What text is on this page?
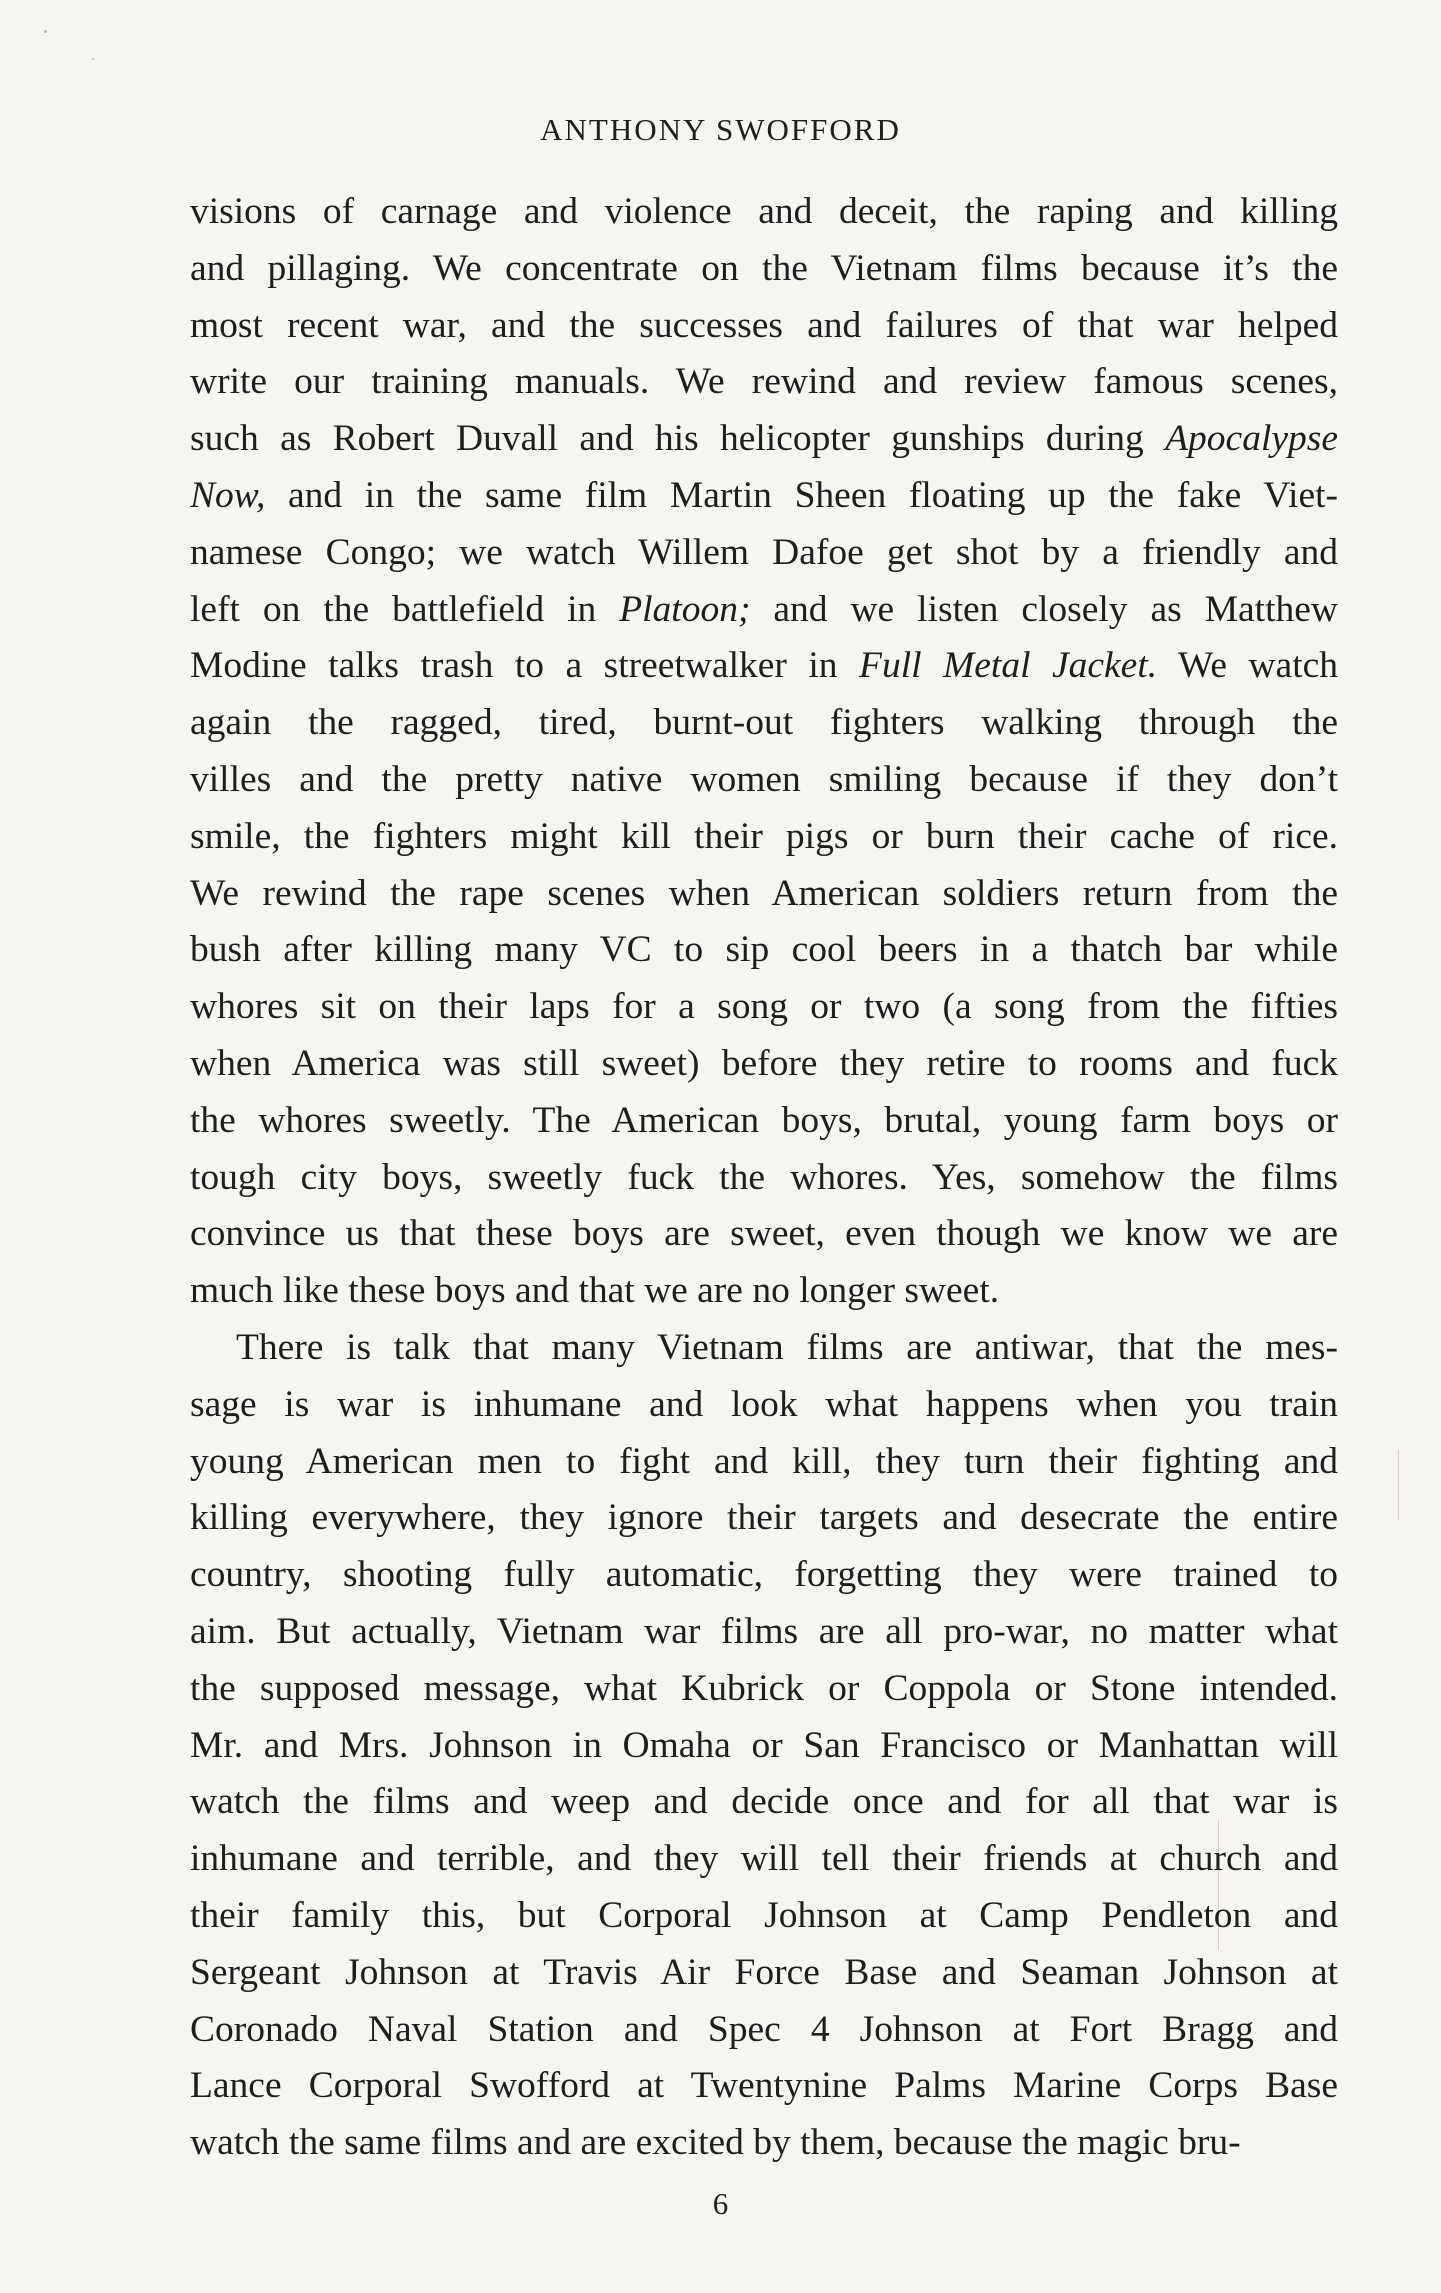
ANTHONY SWOFFORD
visions of carnage and violence and deceit, the raping and killing
and pillaging. We concentrate on the Vietnam films because it’s the
most recent war, and the successes and failures of that war helped
write our training manuals. We rewind and review famous scenes,
such as Robert Duvall and his helicopter gunships during Apocalypse
Now, and in the same film Martin Sheen floating up the fake Viet-
namese Congo; we watch Willem Dafoe get shot by a friendly and
left on the battlefield in Platoon; and we listen closely as Matthew
Modine talks trash to a streetwalker in Full Metal Jacket. We watch
again the ragged, tired, burnt-out fighters walking through the
villes and the pretty native women smiling because if they don’t
smile, the fighters might kill their pigs or burn their cache of rice.
We rewind the rape scenes when American soldiers return from the
bush after killing many VC to sip cool beers in a thatch bar while
whores sit on their laps for a song or two (a song from the fifties
when America was still sweet) before they retire to rooms and fuck
the whores sweetly. The American boys, brutal, young farm boys or
tough city boys, sweetly fuck the whores. Yes, somehow the films
convince us that these boys are sweet, even though we know we are
much like these boys and that we are no longer sweet.
There is talk that many Vietnam films are antiwar, that the mes-
sage is war is inhumane and look what happens when you train
young American men to fight and kill, they turn their fighting and
killing everywhere, they ignore their targets and desecrate the entire
country, shooting fully automatic, forgetting they were trained to
aim. But actually, Vietnam war films are all pro-war, no matter what
the supposed message, what Kubrick or Coppola or Stone intended.
Mr. and Mrs. Johnson in Omaha or San Francisco or Manhattan will
watch the films and weep and decide once and for all that war is
inhumane and terrible, and they will tell their friends at church and
their family this, but Corporal Johnson at Camp Pendleton and
Sergeant Johnson at Travis Air Force Base and Seaman Johnson at
Coronado Naval Station and Spec 4 Johnson at Fort Bragg and
Lance Corporal Swofford at Twentynine Palms Marine Corps Base
watch the same films and are excited by them, because the magic bru-
6
